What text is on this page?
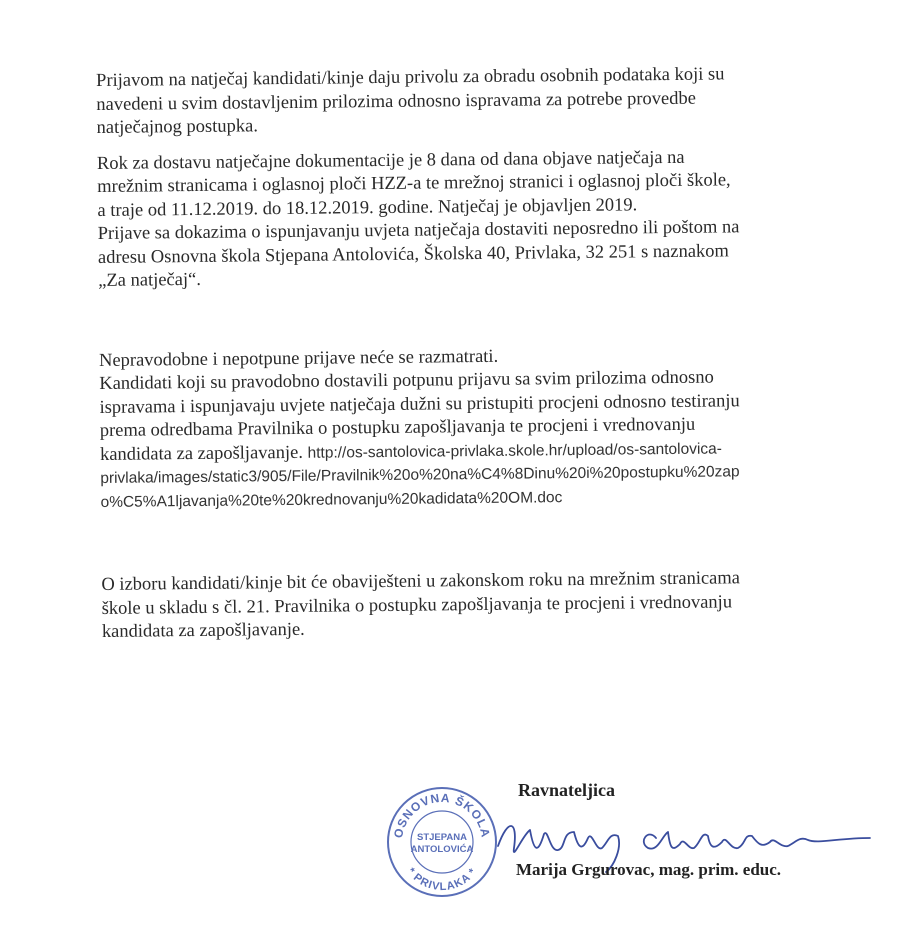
Prijavom na natječaj kandidati/kinje daju privolu za obradu osobnih podataka koji su

navedeni u svim dostavljenim prilozima odnosno ispravama za potrebe provedbe

natječajnog postupka.

Rok za dostavu natječajne dokumentacije je 8 dana od dana objave natječaja na

mrežnim stranicama i oglasnoj ploči HZZ-a te mrežnoj stranici i oglasnoj ploči škole,

a traje od 11.12.2019. do 18.12.2019. godine. Natječaj je objavljen 2019.

Prijave sa dokazima o ispunjavanju uvjeta natječaja dostaviti neposredno ili poštom na

adresu Osnovna škola Stjepana Antolovića, Školska 40, Privlaka, 32 251 s naznakom

„Za natječaj“.

Nepravodobne i nepotpune prijave neće se razmatrati.

Kandidati koji su pravodobno dostavili potpunu prijavu sa svim prilozima odnosno

ispravama i ispunjavaju uvjete natječaja dužni su pristupiti procjeni odnosno testiranju

prema odredbama Pravilnika o postupku zapošljavanja te procjeni i vrednovanju

kandidata za zapošljavanje. http://os-santolovica-privlaka.skole.hr/upload/os-santolovica-

privlaka/images/static3/905/File/Pravilnik%20o%20na%C4%8Dinu%20i%20postupku%20zap

o%C5%A1ljavanja%20te%20krednovanju%20kadidata%20OM.doc

O izboru kandidati/kinje bit će obaviješteni u zakonskom roku na mrežnim stranicama

škole u skladu s čl. 21. Pravilnika o postupku zapošljavanja te procjeni i vrednovanju

kandidata za zapošljavanje.

Ravnateljica
OSNOVNA ŠKOLA
* PRIVLAKA *
STJEPANA
ANTOLOVIĆA
Marija Grgurovac, mag. prim. educ.
